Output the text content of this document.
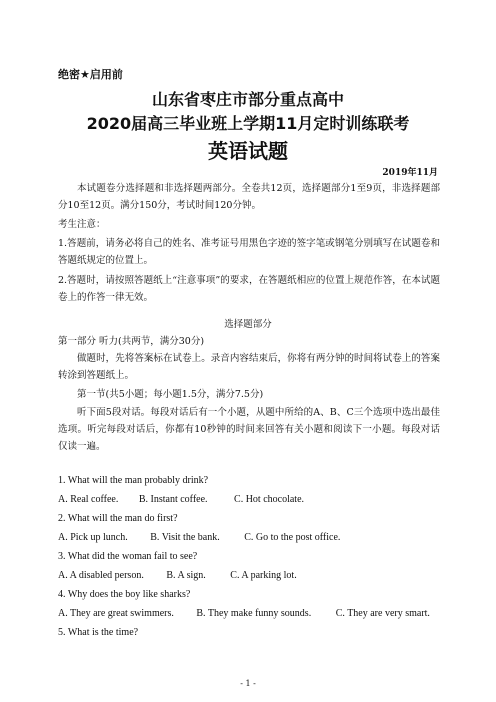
绝密★启用前
山东省枣庄市部分重点高中
2020届高三毕业班上学期11月定时训练联考
英语试题
2019年11月
本试题卷分选择题和非选择题两部分。全卷共12页，选择题部分1至9页，非选择题部分10至12页。满分150分，考试时间120分钟。
考生注意：
1.答题前，请务必将自己的姓名、准考证号用黑色字迹的签字笔或钢笔分别填写在试题卷和答题纸规定的位置上。
2.答题时，请按照答题纸上“注意事项”的要求，在答题纸相应的位置上规范作答，在本试题卷上的作答一律无效。
选择题部分
第一部分 听力(共两节，满分30分)
做题时，先将答案标在试卷上。录音内容结束后，你将有两分钟的时间将试卷上的答案转涂到答题纸上。
第一节(共5小题；每小题1.5分，满分7.5分)
听下面5段对话。每段对话后有一个小题，从题中所给的A、B、C三个选项中选出最佳选项。听完每段对话后，你都有10秒钟的时间来回答有关小题和阅读下一小题。每段对话仅读一遍。
1. What will the man probably drink?
A. Real coffee. B. Instant coffee.	C. Hot chocolate.
2. What will the man do first?
A. Pick up lunch. B. Visit the bank. C. Go to the post office.
3. What did the woman fail to see?
A. A disabled person. B. A sign. C. A parking lot.
4. Why does the boy like sharks?
A. They are great swimmers. B. They make funny sounds. C. They are very smart.
5. What is the time?
- 1 -
